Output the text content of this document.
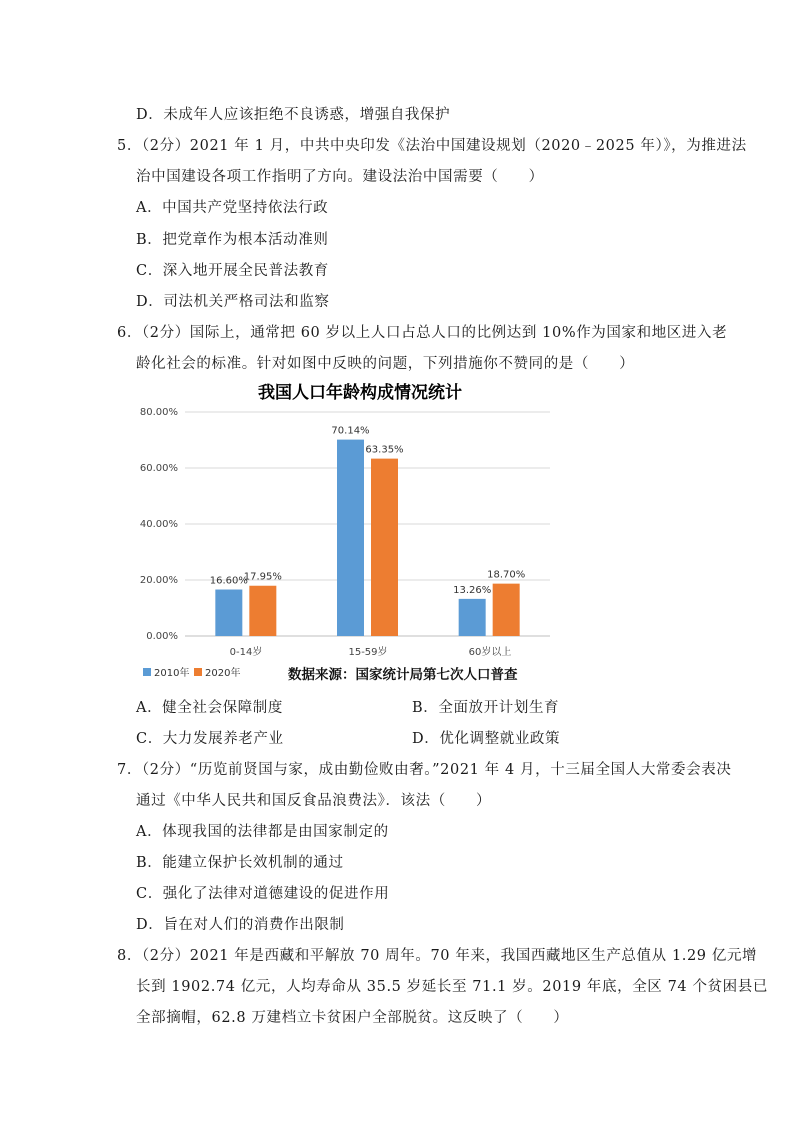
D．未成年人应该拒绝不良诱惑，增强自我保护
5．（2分）2021 年 1 月，中共中央印发《法治中国建设规划（2020﹣2025 年）》，为推进法
治中国建设各项工作指明了方向。建设法治中国需要（　　）
A．中国共产党坚持依法行政
B．把党章作为根本活动准则
C．深入地开展全民普法教育
D．司法机关严格司法和监察
6．（2分）国际上，通常把 60 岁以上人口占总人口的比例达到 10%作为国家和地区进入老
龄化社会的标准。针对如图中反映的问题，下列措施你不赞同的是（　　）
我国人口年龄构成情况统计
80.00%
60.00%
40.00%
20.00%
0.00%
16.60%
17.95%
70.14%
63.35%
13.26%
18.70%
0-14岁	15-59岁	60岁以上
2010年 2020年	数据来源：国家统计局第七次人口普查
A．健全社会保障制度	B．全面放开计划生育
C．大力发展养老产业	D．优化调整就业政策
7．（2分）“历览前贤国与家，成由勤俭败由奢。”2021 年 4 月，十三届全国人大常委会表决
通过《中华人民共和国反食品浪费法》．该法（　　）
A．体现我国的法律都是由国家制定的
B．能建立保护长效机制的通过
C．强化了法律对道德建设的促进作用
D．旨在对人们的消费作出限制
8．（2分）2021 年是西藏和平解放 70 周年。70 年来，我国西藏地区生产总值从 1.29 亿元增
长到 1902.74 亿元，人均寿命从 35.5 岁延长至 71.1 岁。2019 年底，全区 74 个贫困县已
全部摘帽，62.8 万建档立卡贫困户全部脱贫。这反映了（　　）
